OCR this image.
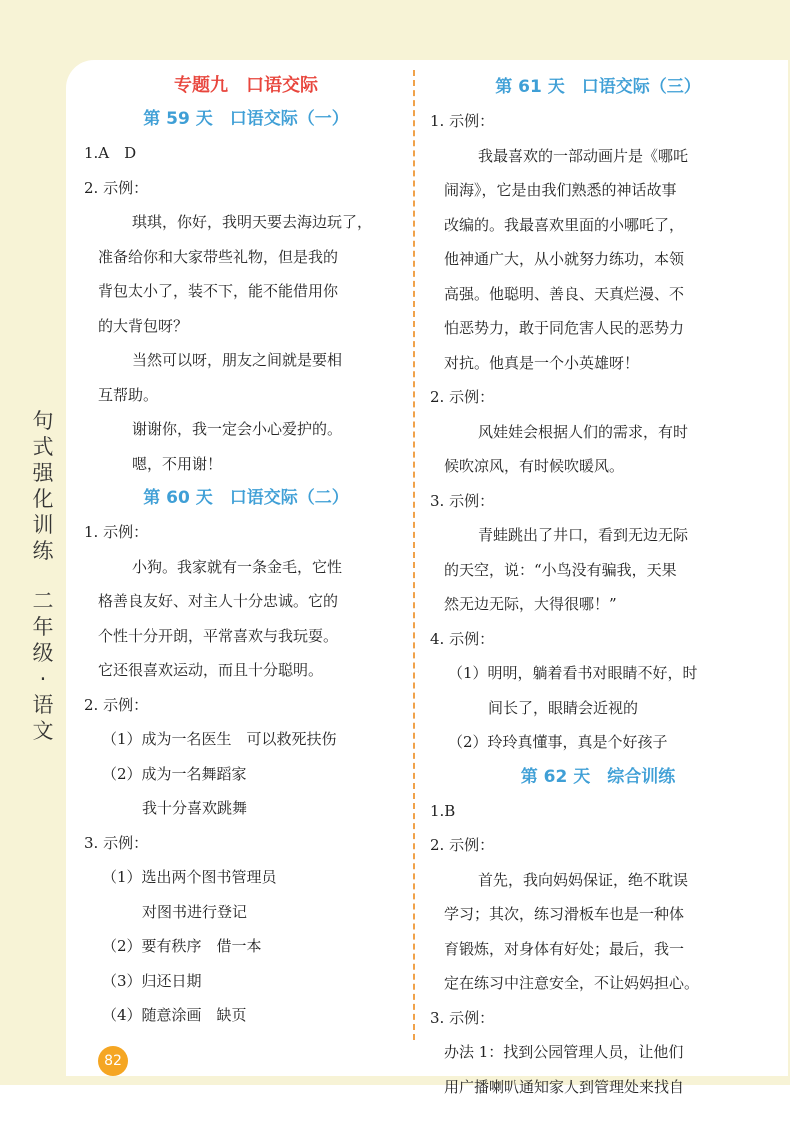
句
式
强
化
训
练
二
年
级
·
语
文
82
专题九　口语交际
第 59 天　口语交际（一）
1.A　D
2. 示例：
琪琪，你好，我明天要去海边玩了，
准备给你和大家带些礼物，但是我的
背包太小了，装不下，能不能借用你
的大背包呀？
当然可以呀，朋友之间就是要相
互帮助。
谢谢你，我一定会小心爱护的。
嗯，不用谢！
第 60 天　口语交际（二）
1. 示例：
小狗。我家就有一条金毛，它性
格善良友好、对主人十分忠诚。它的
个性十分开朗，平常喜欢与我玩耍。
它还很喜欢运动，而且十分聪明。
2. 示例：
（1）成为一名医生　可以救死扶伤
（2）成为一名舞蹈家
我十分喜欢跳舞
3. 示例：
（1）选出两个图书管理员
对图书进行登记
（2）要有秩序　借一本
（3）归还日期
（4）随意涂画　缺页
第 61 天　口语交际（三）
1. 示例：
我最喜欢的一部动画片是《哪吒
闹海》，它是由我们熟悉的神话故事
改编的。我最喜欢里面的小哪吒了，
他神通广大，从小就努力练功，本领
高强。他聪明、善良、天真烂漫、不
怕恶势力，敢于同危害人民的恶势力
对抗。他真是一个小英雄呀！
2. 示例：
风娃娃会根据人们的需求，有时
候吹凉风，有时候吹暖风。
3. 示例：
青蛙跳出了井口，看到无边无际
的天空，说：“小鸟没有骗我，天果
然无边无际，大得很哪！”
4. 示例：
（1）明明，躺着看书对眼睛不好，时
间长了，眼睛会近视的
（2）玲玲真懂事，真是个好孩子
第 62 天　综合训练
1.B
2. 示例：
首先，我向妈妈保证，绝不耽误
学习；其次，练习滑板车也是一种体
育锻炼，对身体有好处；最后，我一
定在练习中注意安全，不让妈妈担心。
3. 示例：
办法 1：找到公园管理人员，让他们
用广播喇叭通知家人到管理处来找自
